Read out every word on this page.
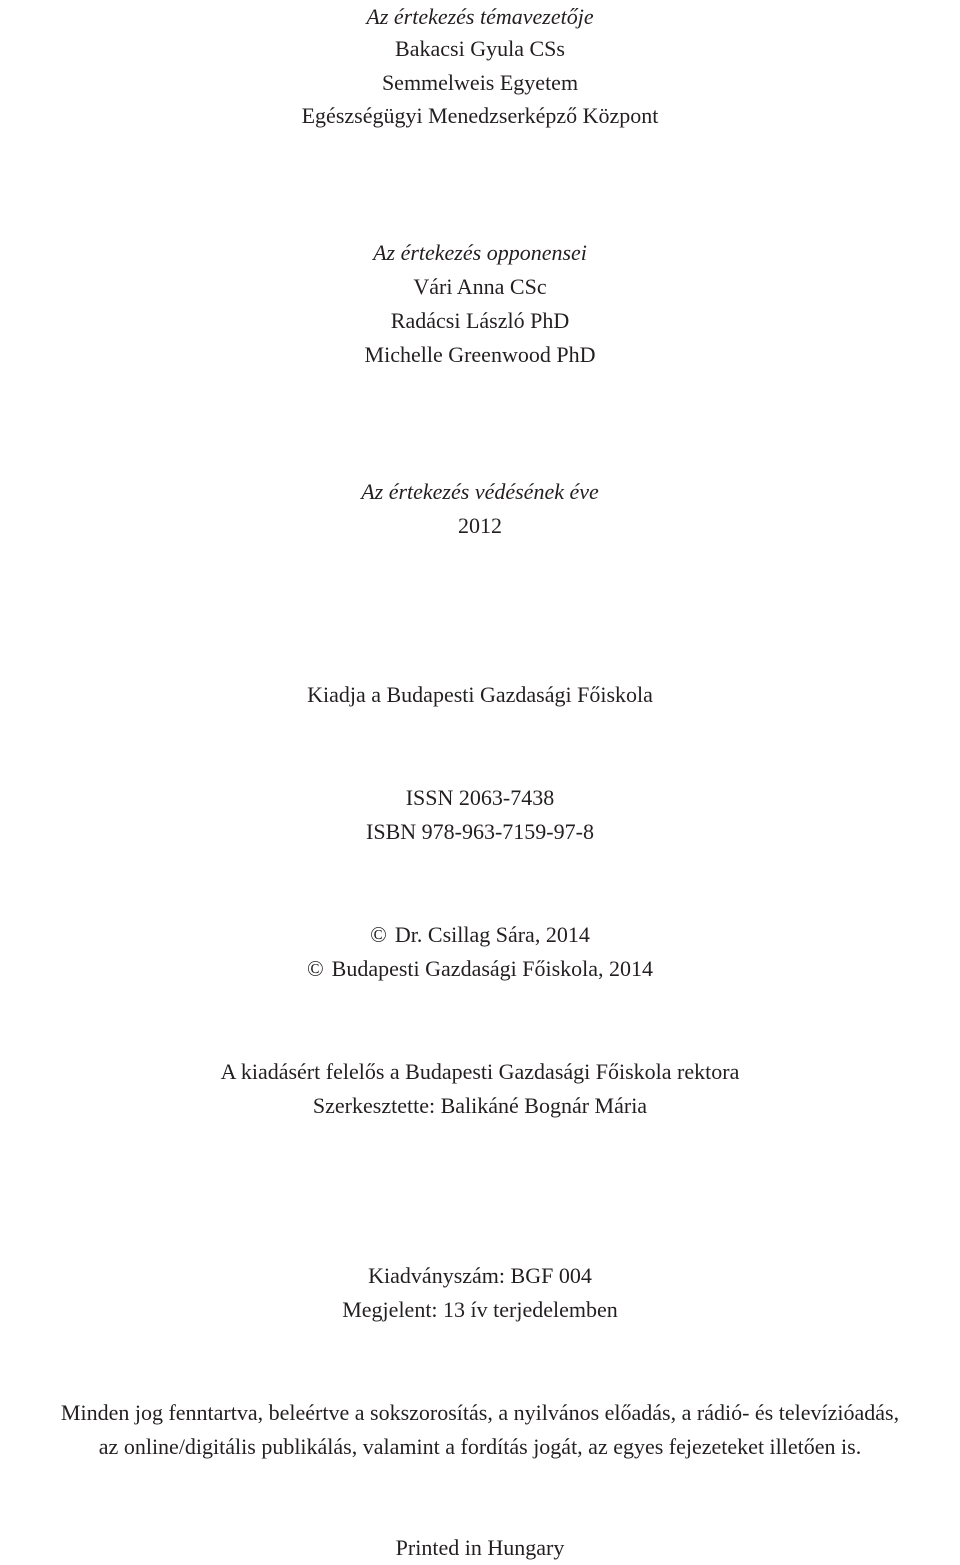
Az értekezés témavezetője

Bakacsi Gyula CSs

Semmelweis Egyetem

Egészségügyi Menedzserképző Központ

Az értekezés opponensei

Vári Anna CSc

Radácsi László PhD

Michelle Greenwood PhD

Az értekezés védésének éve

2012

Kiadja a Budapesti Gazdasági Főiskola

ISSN 2063-7438

ISBN 978-963-7159-97-8

© Dr. Csillag Sára, 2014

© Budapesti Gazdasági Főiskola, 2014

A kiadásért felelős a Budapesti Gazdasági Főiskola rektora

Szerkesztette: Balikáné Bognár Mária

Kiadványszám: BGF 004

Megjelent: 13 ív terjedelemben

Minden jog fenntartva, beleértve a sokszorosítás, a nyilvános előadás, a rádió- és televízióadás,

az online/digitális publikálás, valamint a fordítás jogát, az egyes fejezeteket illetően is.

Printed in Hungary
